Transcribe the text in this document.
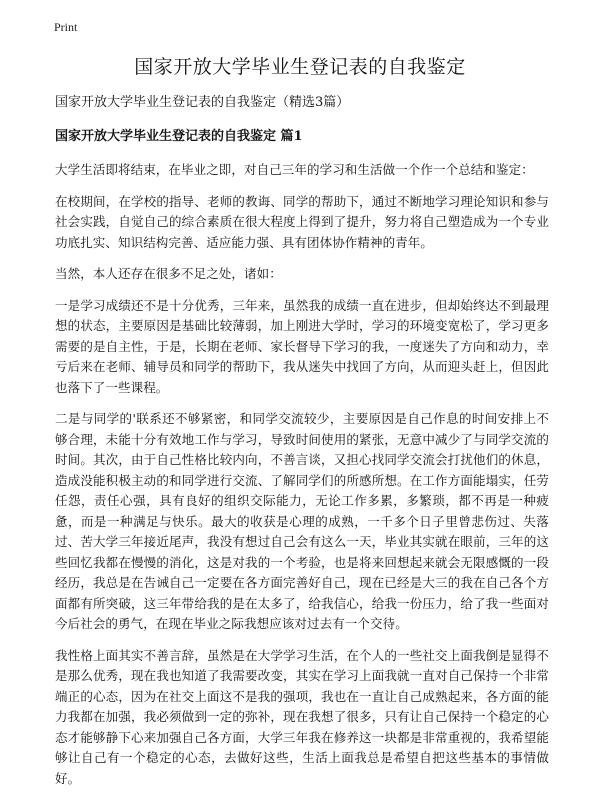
Print
国家开放大学毕业生登记表的自我鉴定

国家开放大学毕业生登记表的自我鉴定（精选3篇）

国家开放大学毕业生登记表的自我鉴定 篇1

大学生活即将结束，在毕业之即，对自己三年的学习和生活做一个作一个总结和鉴定：

在校期间，在学校的指导、老师的教诲、同学的帮助下，通过不断地学习理论知识和参与社会实践，自觉自己的综合素质在很大程度上得到了提升，努力将自己塑造成为一个专业功底扎实、知识结构完善、适应能力强、具有团体协作精神的青年。

当然，本人还存在很多不足之处，诸如：

一是学习成绩还不是十分优秀，三年来，虽然我的成绩一直在进步，但却始终达不到最理想的状态，主要原因是基础比较薄弱，加上刚进大学时，学习的环境变宽松了，学习更多需要的是自主性，于是，长期在老师、家长督导下学习的我，一度迷失了方向和动力，幸亏后来在老师、辅导员和同学的帮助下，我从迷失中找回了方向，从而迎头赶上，但因此也落下了一些课程。

二是与同学的'联系还不够紧密，和同学交流较少，主要原因是自己作息的时间安排上不够合理，未能十分有效地工作与学习，导致时间使用的紧张，无意中减少了与同学交流的时间。其次，由于自己性格比较内向，不善言谈，又担心找同学交流会打扰他们的休息，造成没能积极主动的和同学进行交流、了解同学们的所感所想。在工作方面能塌实，任劳任怨，责任心强，具有良好的组织交际能力，无论工作多累，多繁琐，都不再是一种疲惫，而是一种满足与快乐。最大的收获是心理的成熟，一千多个日子里曾悲伤过、失落过、苦大学三年接近尾声，我没有想过自己会有这么一天，毕业其实就在眼前，三年的这些回忆我都在慢慢的消化，这是对我的一个考验，也是将来回想起来就会无限感慨的一段经历，我总是在告诫自己一定要在各方面完善好自己，现在已经是大三的我在自己各个方面都有所突破，这三年带给我的是在太多了，给我信心，给我一份压力，给了我一些面对今后社会的勇气，在现在毕业之际我想应该对过去有一个交待。

我性格上面其实不善言辞，虽然是在大学学习生活，在个人的一些社交上面我倒是显得不是那么优秀，现在我也知道了我需要改变，其实在学习上面我就一直对自己保持一个非常端正的心态，因为在社交上面这不是我的强项，我也在一直让自己成熟起来，各方面的能力我都在加强，我必须做到一定的弥补，现在我想了很多，只有让自己保持一个稳定的心态才能够静下心来加强自己各方面，大学三年我在修养这一块都是非常重视的，我希望能够让自己有一个稳定的心态，去做好这些，生活上面我总是希望自把这些基本的事情做好。
